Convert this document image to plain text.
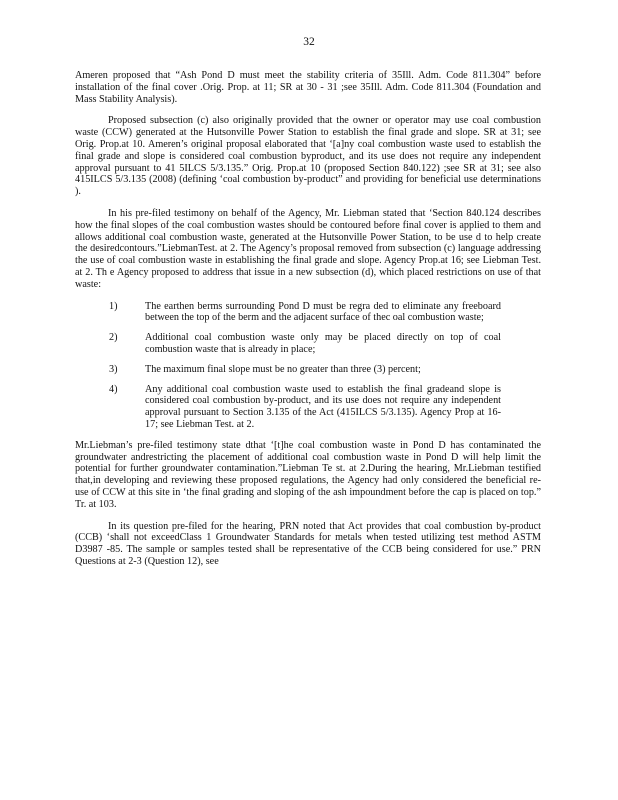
32

Ameren proposed that “Ash Pond D must meet the stability criteria of 35Ill. Adm. Code 811.304” before installation of the final cover .Orig. Prop. at 11; SR at 30 - 31 ;see 35Ill. Adm. Code 811.304 (Foundation and Mass Stability Analysis).

Proposed subsection (c) also originally provided that the owner or operator may use coal combustion waste (CCW) generated at the Hutsonville Power Station to establish the final grade and slope. SR at 31; see Orig. Prop.at 10. Ameren’s original proposal elaborated that ‘[a]ny coal combustion waste used to establish the final grade and slope is considered coal combustion byproduct, and its use does not require any independent approval pursuant to 41 5ILCS 5/3.135.” Orig. Prop.at 10 (proposed Section 840.122) ;see SR at 31; see also 415ILCS 5/3.135 (2008) (defining ‘coal combustion by-product” and providing for beneficial use determinations ).

In his pre-filed testimony on behalf of the Agency, Mr. Liebman stated that ‘Section 840.124 describes how the final slopes of the coal combustion wastes should be contoured before final cover is applied to them and allows additional coal combustion waste, generated at the Hutsonville Power Station, to be use d to help create the desiredcontours.”LiebmanTest. at 2. The Agency’s proposal removed from subsection (c) language addressing the use of coal combustion waste in establishing the final grade and slope. Agency Prop.at 16; see Liebman Test. at 2. Th e Agency proposed to address that issue in a new subsection (d), which placed restrictions on use of that waste:

1)	The earthen berms surrounding Pond D must be regra ded to eliminate any freeboard between the top of the berm and the adjacent surface of thec oal combustion waste;
2)	Additional coal combustion waste only may be placed directly on top of coal combustion waste that is already in place;
3)	The maximum final slope must be no greater than three (3) percent;
4)	Any additional coal combustion waste used to establish the final gradeand slope is considered coal combustion by-product, and its use does not require any independent approval pursuant to Section 3.135 of the Act (415ILCS 5/3.135). Agency Prop at 16-17; see Liebman Test. at 2.

Mr.Liebman’s pre-filed testimony state dthat ‘[t]he coal combustion waste in Pond D has contaminated the groundwater andrestricting the placement of additional coal combustion waste in Pond D will help limit the potential for further groundwater contamination.”Liebman Te st. at 2.During the hearing, Mr.Liebman testified that,in developing and reviewing these proposed regulations, the Agency had only considered the beneficial re-use of CCW at this site in ‘the final grading and sloping of the ash impoundment before the cap is placed on top.” Tr. at 103.

In its question pre-filed for the hearing, PRN noted that Act provides that coal combustion by-product (CCB) ‘shall not exceedClass 1 Groundwater Standards for metals when tested utilizing test method ASTM D3987 -85. The sample or samples tested shall be representative of the CCB being considered for use.” PRN Questions at 2-3 (Question 12), see
